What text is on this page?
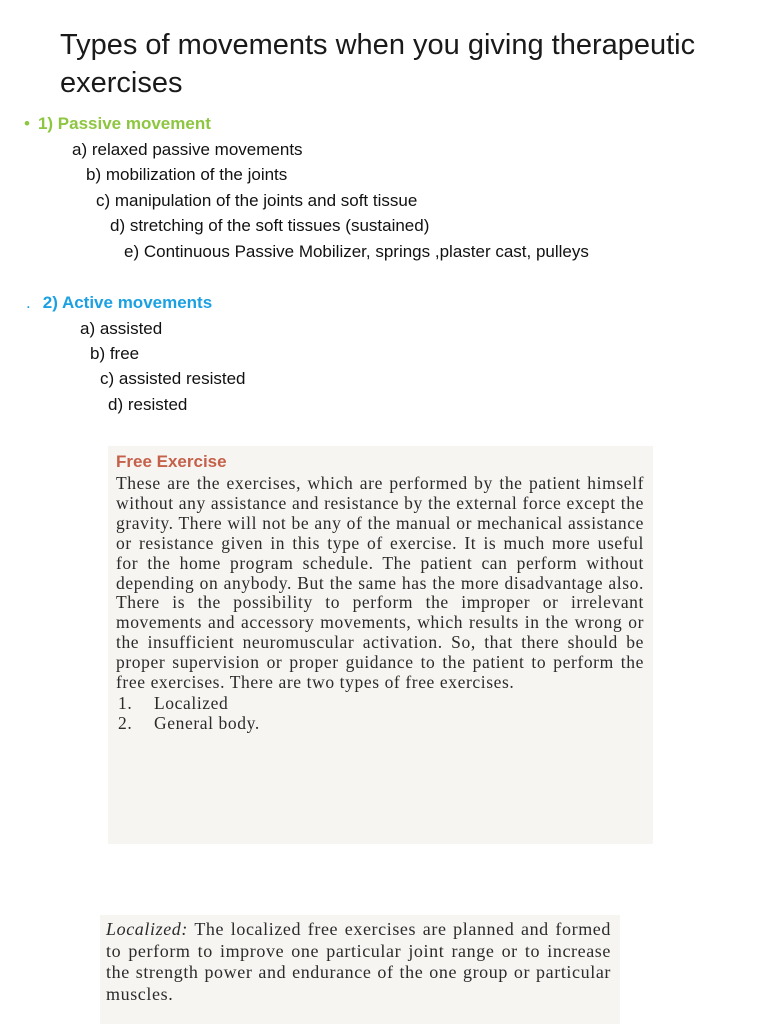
Types of movements when you giving therapeutic exercises
• 1) Passive movement
a) relaxed passive movements
b) mobilization of the joints
c) manipulation of the joints and soft tissue
d) stretching of the soft tissues (sustained)
e) Continuous Passive Mobilizer, springs ,plaster cast, pulleys
. 2) Active movements
a) assisted
b) free
c) assisted resisted
d) resisted
Free Exercise

These are the exercises, which are performed by the patient himself without any assistance and resistance by the external force except the gravity. There will not be any of the manual or mechanical assistance or resistance given in this type of exercise. It is much more useful for the home program schedule. The patient can perform without depending on anybody. But the same has the more disadvantage also. There is the possibility to perform the improper or irrelevant movements and accessory movements, which results in the wrong or the insufficient neuromuscular activation. So, that there should be proper supervision or proper guidance to the patient to perform the free exercises. There are two types of free exercises.

1. Localized
2. General body.

Localized: The localized free exercises are planned and formed to perform to improve one particular joint range or to increase the strength power and endurance of the one group or particular muscles.
